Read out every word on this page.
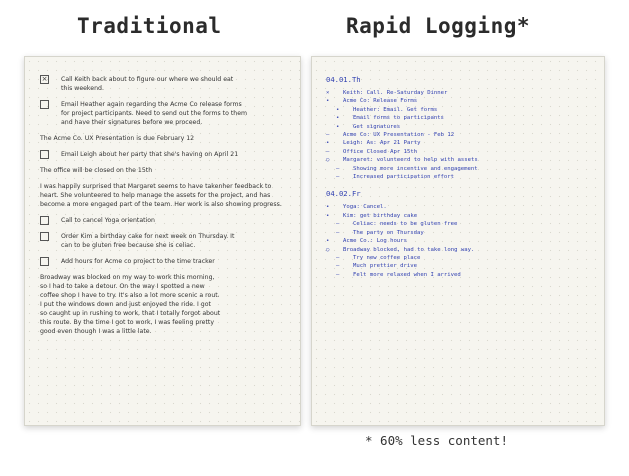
Traditional	Rapid Logging*
×
Call Keith back about to figure our where we should eat
this weekend.
Email Heather again regarding the Acme Co release forms
for project participants. Need to send out the forms to them
and have their signatures before we proceed.
The Acme Co. UX Presentation is due February 12
Email Leigh about her party that she's having on April 21
The office will be closed on the 15th
I was happily surprised that Margaret seems to have takenher feedback to
heart. She volunteered to help manage the assets for the project, and has
become a more engaged part of the team. Her work is also showing progress.
Call to cancel Yoga orientation
Order Kim a birthday cake for next week on Thursday. It
can to be gluten free because she is celiac.
Add hours for Acme co project to the time tracker
Broadway was blocked on my way to work this morning,
so I had to take a detour. On the way I spotted a new
coffee shop I have to try. It's also a lot more scenic a rout.
I put the windows down and just enjoyed the ride. I got
so caught up in rushing to work, that I totally forgot about
this route. By the time I got to work, I was feeling pretty
good even though I was a little late.
04.01.Th
×	Keith: Call. Re-Saturday Dinner
•	Acme Co: Release Forms
•	Heather: Email. Get forms
•	Email forms to participants
•	Get signatures
–	Acme Co: UX Presentation - Feb 12
•	Leigh: As: Apr 21 Party
–	Office Closed Apr 15th
○	Margaret: volunteerd to help with assets
–	Showing more incentive and engagement
–	Increased participation effort
04.02.Fr
•	Yoga: Cancel.
•	Kim: get birthday cake
–	Celiac: needs to be gluten free
–	The party on Thursday
•	Acme Co.: Log hours
○	Broadway blocked, had to take long way.
–	Try new coffee place
–	Much prettier drive
–	Felt more relaxed when I arrived
* 60% less content!
